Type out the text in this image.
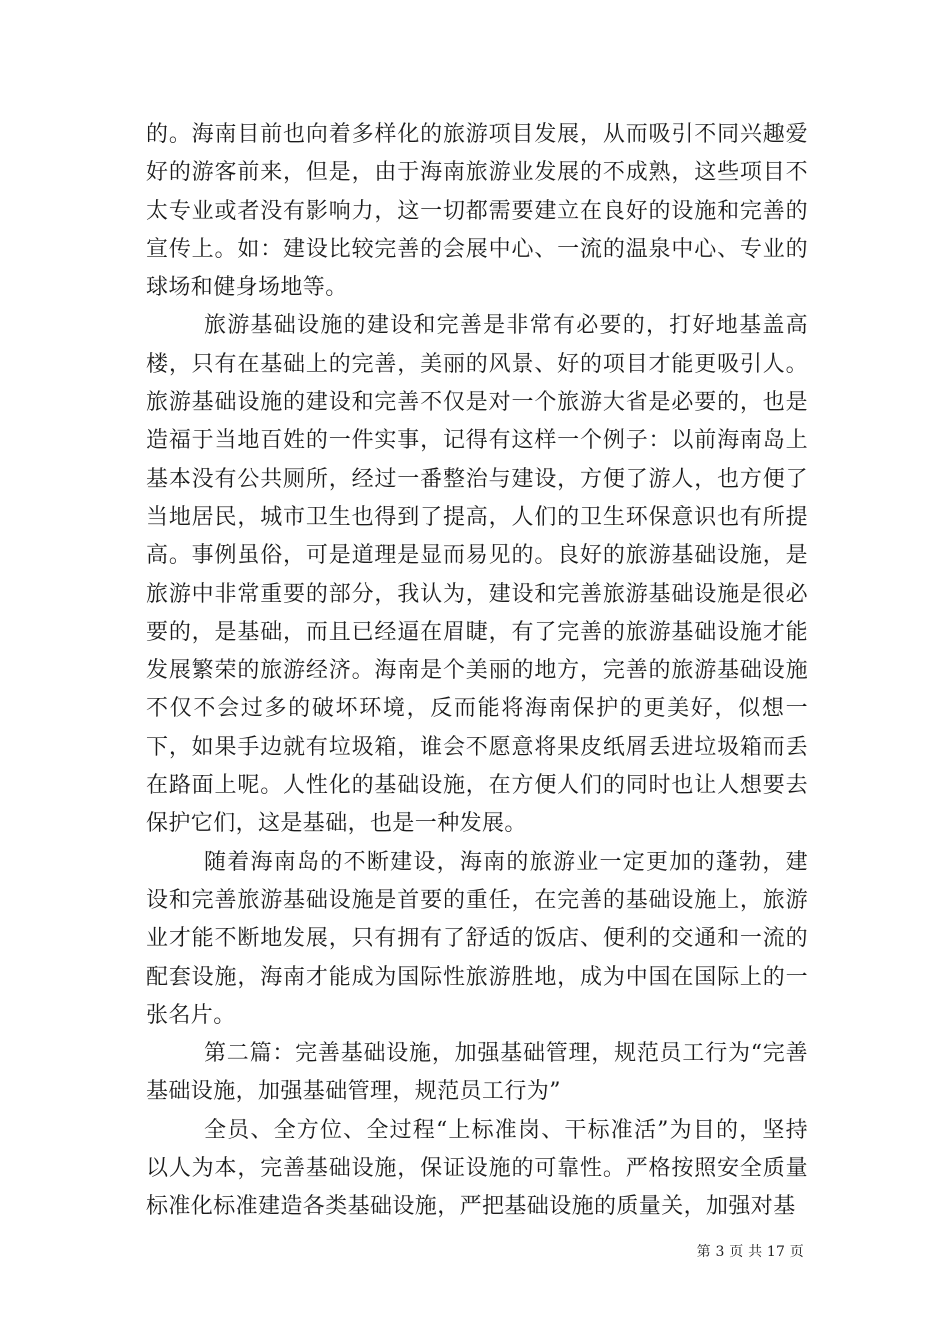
的。海南目前也向着多样化的旅游项目发展，从而吸引不同兴趣爱好的游客前来，但是，由于海南旅游业发展的不成熟，这些项目不太专业或者没有影响力，这一切都需要建立在良好的设施和完善的宣传上。如：建设比较完善的会展中心、一流的温泉中心、专业的球场和健身场地等。

旅游基础设施的建设和完善是非常有必要的，打好地基盖高楼，只有在基础上的完善，美丽的风景、好的项目才能更吸引人。旅游基础设施的建设和完善不仅是对一个旅游大省是必要的，也是造福于当地百姓的一件实事，记得有这样一个例子：以前海南岛上基本没有公共厕所，经过一番整治与建设，方便了游人，也方便了当地居民，城市卫生也得到了提高，人们的卫生环保意识也有所提高。事例虽俗，可是道理是显而易见的。良好的旅游基础设施，是旅游中非常重要的部分，我认为，建设和完善旅游基础设施是很必要的，是基础，而且已经逼在眉睫，有了完善的旅游基础设施才能发展繁荣的旅游经济。海南是个美丽的地方，完善的旅游基础设施不仅不会过多的破坏环境，反而能将海南保护的更美好，似想一下，如果手边就有垃圾箱，谁会不愿意将果皮纸屑丢进垃圾箱而丢在路面上呢。人性化的基础设施，在方便人们的同时也让人想要去保护它们，这是基础，也是一种发展。

随着海南岛的不断建设，海南的旅游业一定更加的蓬勃，建设和完善旅游基础设施是首要的重任，在完善的基础设施上，旅游业才能不断地发展，只有拥有了舒适的饭店、便利的交通和一流的配套设施，海南才能成为国际性旅游胜地，成为中国在国际上的一张名片。

第二篇：完善基础设施，加强基础管理，规范员工行为“完善基础设施，加强基础管理，规范员工行为”

全员、全方位、全过程“上标准岗、干标准活”为目的，坚持以人为本，完善基础设施，保证设施的可靠性。严格按照安全质量标准化标准建造各类基础设施，严把基础设施的质量关，加强对基

第 3 页 共 17 页
